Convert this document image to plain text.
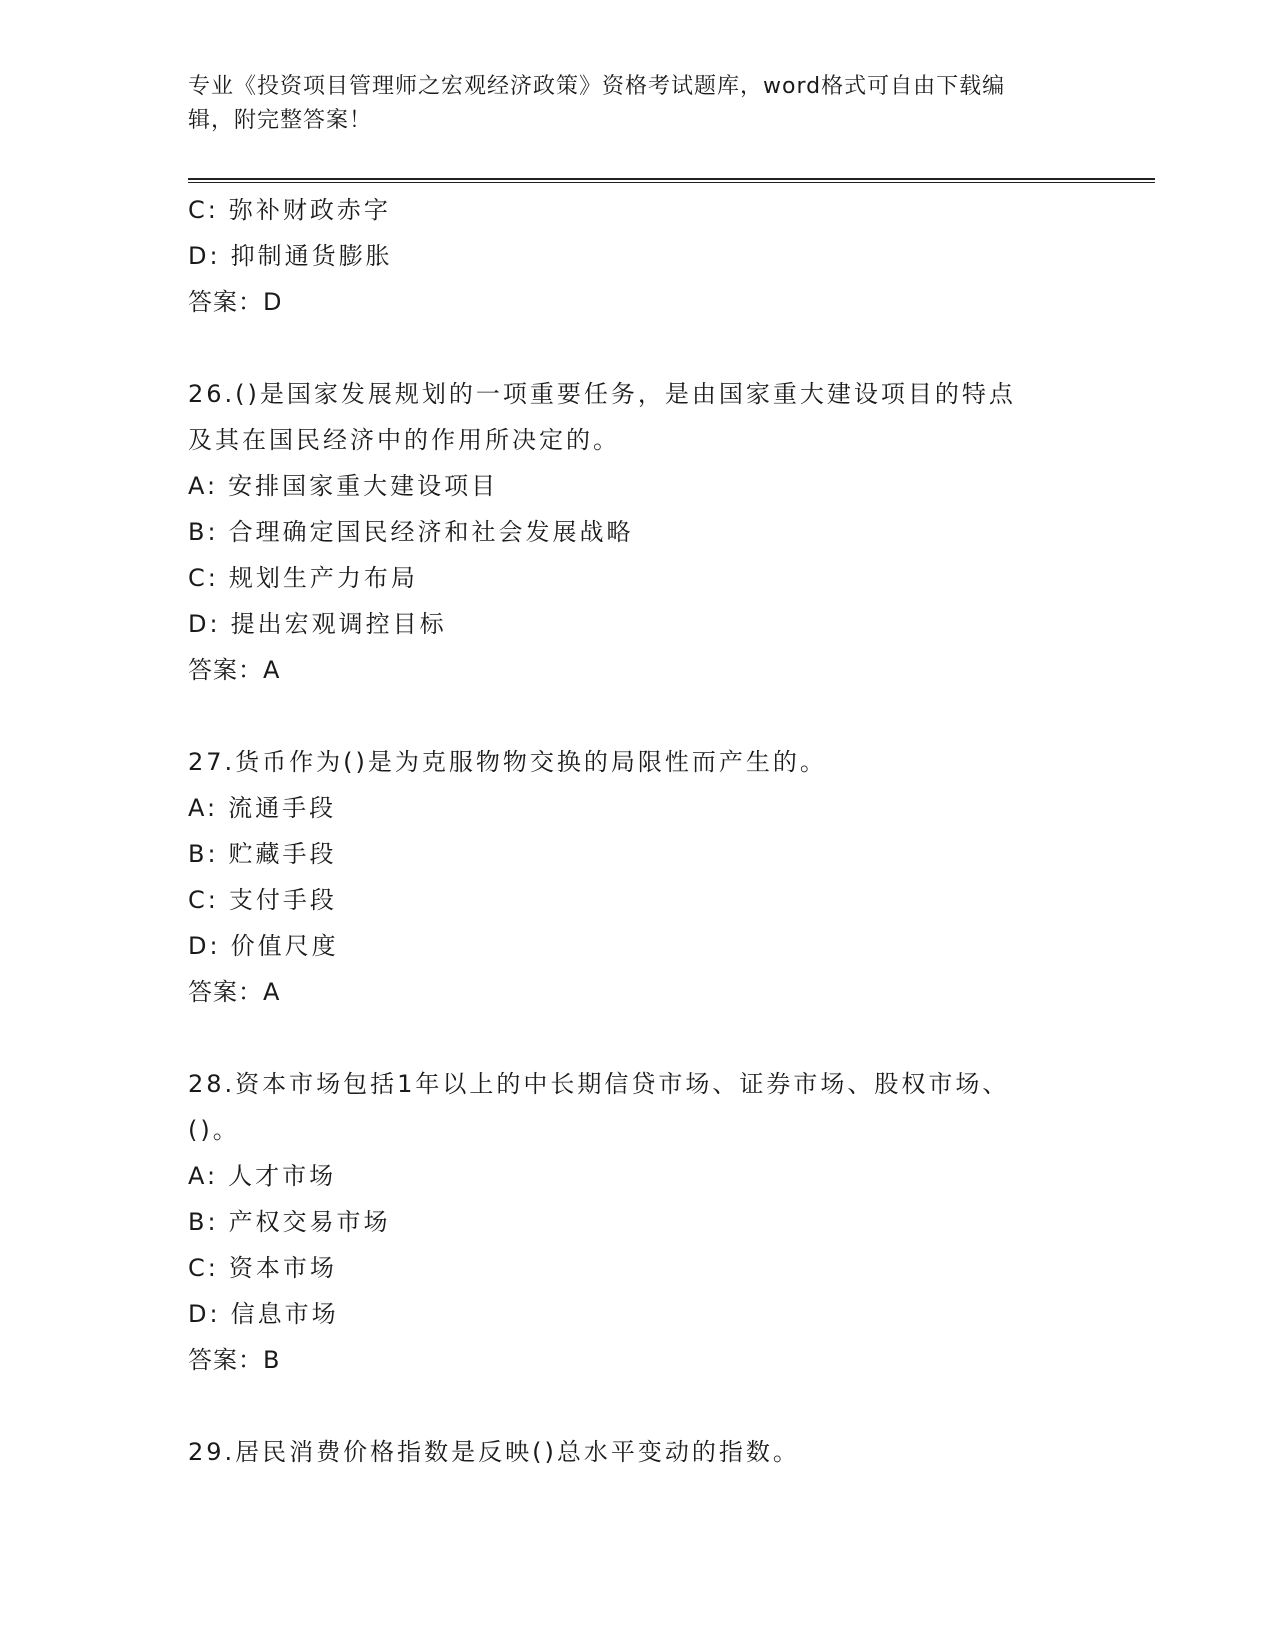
专业《投资项目管理师之宏观经济政策》资格考试题库，word格式可自由下载编
辑，附完整答案！
C: 弥补财政赤字
D: 抑制通货膨胀
答案：D
26.()是国家发展规划的一项重要任务，是由国家重大建设项目的特点
及其在国民经济中的作用所决定的。
A: 安排国家重大建设项目
B: 合理确定国民经济和社会发展战略
C: 规划生产力布局
D: 提出宏观调控目标
答案：A
27.货币作为()是为克服物物交换的局限性而产生的。
A: 流通手段
B: 贮藏手段
C: 支付手段
D: 价值尺度
答案：A
28.资本市场包括1年以上的中长期信贷市场、证券市场、股权市场、
()。
A: 人才市场
B: 产权交易市场
C: 资本市场
D: 信息市场
答案：B
29.居民消费价格指数是反映()总水平变动的指数。
